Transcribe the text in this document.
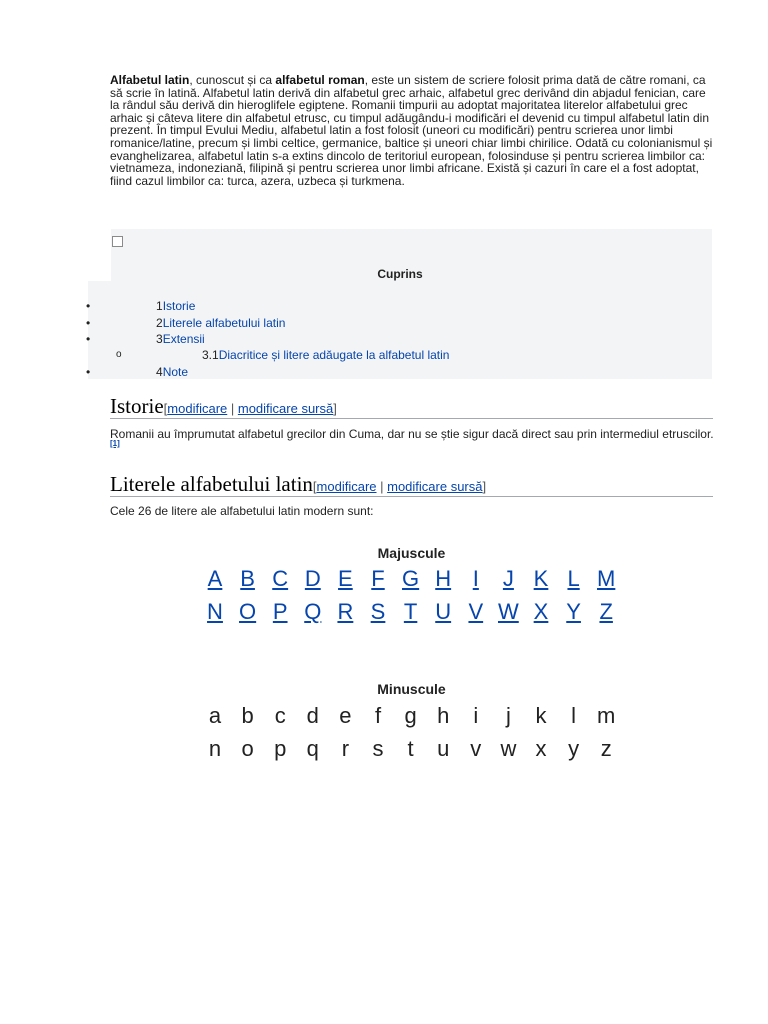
Alfabetul latin, cunoscut și ca alfabetul roman, este un sistem de scriere folosit prima dată de către romani, ca să scrie în latină. Alfabetul latin derivă din alfabetul grec arhaic, alfabetul grec derivând din abjadul fenician, care la rândul său derivă din hieroglifele egiptene. Romanii timpurii au adoptat majoritatea literelor alfabetului grec arhaic și câteva litere din alfabetul etrusc, cu timpul adăugându-i modificări el devenid cu timpul alfabetul latin din prezent. În timpul Evului Mediu, alfabetul latin a fost folosit (uneori cu modificări) pentru scrierea unor limbi romanice/latine, precum și limbi celtice, germanice, baltice și uneori chiar limbi chirilice. Odată cu colonianismul și evanghelizarea, alfabetul latin s-a extins dincolo de teritoriul european, folosinduse și pentru scrierea limbilor ca: vietnameza, indoneziană, filipină și pentru scrierea unor limbi africane. Există și cazuri în care el a fost adoptat, fiind cazul limbilor ca: turca, azera, uzbeca și turkmena.
Cuprins
•	1Istorie
•	2Literele alfabetului latin
•	3Extensii
o	3.1Diacritice și litere adăugate la alfabetul latin
•	4Note
Istorie[modificare | modificare sursă]
Romanii au împrumutat alfabetul grecilor din Cuma, dar nu se știe sigur dacă direct sau prin intermediul etruscilor.[1]
Literele alfabetului latin[modificare | modificare sursă]
Cele 26 de litere ale alfabetului latin modern sunt:
Majuscule
A B C D E F G H I	J K L M
N O P Q R S T U V W X Y Z
Minuscule
a b c d e	f	g h	i	j	k	l m
n o p q	r	s	t	u v w x y z
